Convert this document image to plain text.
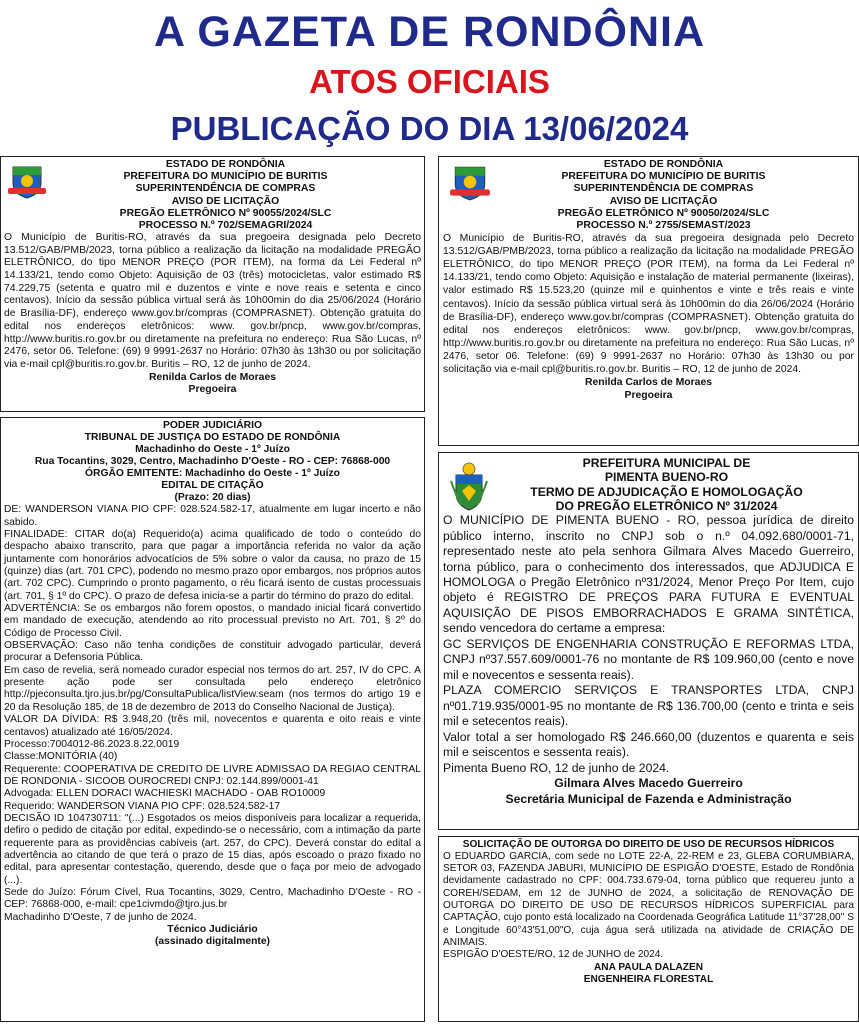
A GAZETA DE RONDÔNIA
ATOS OFICIAIS
PUBLICAÇÃO DO DIA 13/06/2024
ESTADO DE RONDÔNIA
PREFEITURA DO MUNICÍPIO DE BURITIS
SUPERINTENDÊNCIA DE COMPRAS
AVISO DE LICITAÇÃO
PREGÃO ELETRÔNICO Nº 90055/2024/SLC
PROCESSO N.º 702/SEMAGRI/2024

O Município de Buritis-RO, através da sua pregoeira designada pelo Decreto 13.512/GAB/PMB/2023, torna público a realização da licitação na modalidade PREGÃO ELETRÔNICO, do tipo MENOR PREÇO (POR ITEM), na forma da Lei Federal nº 14.133/21, tendo como Objeto: Aquisição de 03 (três) motocicletas, valor estimado R$ 74.229,75 (setenta e quatro mil e duzentos e vinte e nove reais e setenta e cinco centavos). Início da sessão pública virtual será às 10h00min do dia 25/06/2024 (Horário de Brasília-DF), endereço www.gov.br/compras (COMPRASNET). Obtenção gratuita do edital nos endereços eletrônicos: www. gov.br/pncp, www.gov.br/compras, http://www.buritis.ro.gov.br ou diretamente na prefeitura no endereço: Rua São Lucas, nº 2476, setor 06. Telefone: (69) 9 9991-2637 no Horário: 07h30 às 13h30 ou por solicitação via e-mail cpl@buritis.ro.gov.br. Buritis – RO, 12 de junho de 2024.

Renilda Carlos de Moraes
Pregoeira
ESTADO DE RONDÔNIA
PREFEITURA DO MUNICÍPIO DE BURITIS
SUPERINTENDÊNCIA DE COMPRAS
AVISO DE LICITAÇÃO
PREGÃO ELETRÔNICO Nº 90050/2024/SLC
PROCESSO N.º 2755/SEMAST/2023

O Município de Buritis-RO, através da sua pregoeira designada pelo Decreto 13.512/GAB/PMB/2023, torna público a realização da licitação na modalidade PREGÃO ELETRÔNICO, do tipo MENOR PREÇO (POR ITEM), na forma da Lei Federal nº 14.133/21, tendo como Objeto: Aquisição e instalação de material permanente (lixeiras), valor estimado R$ 15.523,20 (quinze mil e quinhentos e vinte e três reais e vinte centavos). Início da sessão pública virtual será às 10h00min do dia 26/06/2024 (Horário de Brasília-DF), endereço www.gov.br/compras (COMPRASNET). Obtenção gratuita do edital nos endereços eletrônicos: www. gov.br/pncp, www.gov.br/compras, http://www.buritis.ro.gov.br ou diretamente na prefeitura no endereço: Rua São Lucas, nº 2476, setor 06. Telefone: (69) 9 9991-2637 no Horário: 07h30 às 13h30 ou por solicitação via e-mail cpl@buritis.ro.gov.br. Buritis – RO, 12 de junho de 2024.

Renilda Carlos de Moraes
Pregoeira
PODER JUDICIÁRIO
TRIBUNAL DE JUSTIÇA DO ESTADO DE RONDÔNIA
Machadinho do Oeste - 1º Juízo
Rua Tocantins, 3029, Centro, Machadinho D'Oeste - RO - CEP: 76868-000
ÓRGÃO EMITENTE: Machadinho do Oeste - 1º Juízo
EDITAL DE CITAÇÃO
(Prazo: 20 dias)

DE: WANDERSON VIANA PIO CPF: 028.524.582-17, atualmente em lugar incerto e não sabido.

FINALIDADE: CITAR do(a) Requerido(a) acima qualificado de todo o conteúdo do despacho abaixo transcrito, para que pagar a importância referida no valor da ação juntamente com honorários advocatícios de 5% sobre o valor da causa, no prazo de 15 (quinze) dias (art. 701 CPC), podendo no mesmo prazo opor embargos, nos próprios autos (art. 702 CPC). Cumprindo o pronto pagamento, o réu ficará isento de custas processuais (art. 701, § 1º do CPC). O prazo de defesa inicia-se a partir do término do prazo do edital.

ADVERTÊNCIA: Se os embargos não forem opostos, o mandado inicial ficará convertido em mandado de execução, atendendo ao rito processual previsto no Art. 701, § 2º do Código de Processo Civil.

OBSERVAÇÃO: Caso não tenha condições de constituir advogado particular, deverá procurar a Defensoria Pública.

Em caso de revelia, será nomeado curador especial nos termos do art. 257, IV do CPC. A presente ação pode ser consultada pelo endereço eletrônico http://pjeconsulta.tjro.jus.br/pg/ConsultaPublica/listView.seam (nos termos do artigo 19 e 20 da Resolução 185, de 18 de dezembro de 2013 do Conselho Nacional de Justiça).

VALOR DA DÍVIDA: R$ 3.948,20 (três mil, novecentos e quarenta e oito reais e vinte centavos) atualizado até 16/05/2024.

Processo:7004012-86.2023.8.22.0019

Classe:MONITÓRIA (40)

Requerente: COOPERATIVA DE CREDITO DE LIVRE ADMISSAO DA REGIAO CENTRAL DE RONDONIA - SICOOB OUROCREDI CNPJ: 02.144.899/0001-41

Advogada: ELLEN DORACI WACHIESKI MACHADO - OAB RO10009

Requerido: WANDERSON VIANA PIO CPF: 028.524.582-17

DECISÃO ID 104730711: "(...) Esgotados os meios disponíveis para localizar a requerida, defiro o pedido de citação por edital, expedindo-se o necessário, com a intimação da parte requerente para as providências cabíveis (art. 257, do CPC). Deverá constar do edital a advertência ao citando de que terá o prazo de 15 dias, após escoado o prazo fixado no edital, para apresentar contestação, querendo, desde que o faça por meio de advogado (...).

Sede do Juízo: Fórum Cível, Rua Tocantins, 3029, Centro, Machadinho D'Oeste - RO - CEP: 76868-000, e-mail: cpe1civmdo@tjro.jus.br

Machadinho D'Oeste, 7 de junho de 2024.

Técnico Judiciário
(assinado digitalmente)
PREFEITURA MUNICIPAL DE
PIMENTA BUENO-RO
TERMO DE ADJUDICAÇÃO E HOMOLOGAÇÃO
DO PREGÃO ELETRÔNICO Nº 31/2024

O MUNICÍPIO DE PIMENTA BUENO - RO, pessoa jurídica de direito público interno, inscrito no CNPJ sob o n.º 04.092.680/0001-71, representado neste ato pela senhora Gilmara Alves Macedo Guerreiro, torna público, para o conhecimento dos interessados, que ADJUDICA E HOMOLOGA o Pregão Eletrônico nº31/2024, Menor Preço Por Item, cujo objeto é REGISTRO DE PREÇOS PARA FUTURA E EVENTUAL AQUISIÇÃO DE PISOS EMBORRACHADOS E GRAMA SINTÉTICA, sendo vencedora do certame a empresa:

GC SERVIÇOS DE ENGENHARIA CONSTRUÇÃO E REFORMAS LTDA, CNPJ nº37.557.609/0001-76 no montante de R$ 109.960,00 (cento e nove mil e novecentos e sessenta reais).

PLAZA COMERCIO SERVIÇOS E TRANSPORTES LTDA, CNPJ nº01.719.935/0001-95 no montante de R$ 136.700,00 (cento e trinta e seis mil e setecentos reais).

Valor total a ser homologado R$ 246.660,00 (duzentos e quarenta e seis mil e seiscentos e sessenta reais).

Pimenta Bueno RO, 12 de junho de 2024.

Gilmara Alves Macedo Guerreiro
Secretária Municipal de Fazenda e Administração
SOLICITAÇÃO DE OUTORGA DO DIREITO DE USO DE RECURSOS HÍDRICOS

O EDUARDO GARCIA, com sede no LOTE 22-A, 22-REM e 23, GLEBA CORUMBIARA, SETOR 03, FAZENDA JABURI, MUNICÍPIO DE ESPIGÃO D'OESTE, Estado de Rondônia devidamente cadastrado no CPF: 004.733.679-04, torna público que requereu junto a COREH/SEDAM, em 12 de JUNHO de 2024, a solicitação de RENOVAÇÃO DE OUTORGA DO DIREITO DE USO DE RECURSOS HÍDRICOS SUPERFICIAL para CAPTAÇÃO, cujo ponto está localizado na Coordenada Geográfica Latitude 11°37'28,00" S e Longitude 60°43'51,00"O, cuja água será utilizada na atividade de CRIAÇÃO DE ANIMAIS.

ESPIGÃO D'OESTE/RO, 12 de JUNHO de 2024.
ANA PAULA DALAZEN
ENGENHEIRA FLORESTAL
